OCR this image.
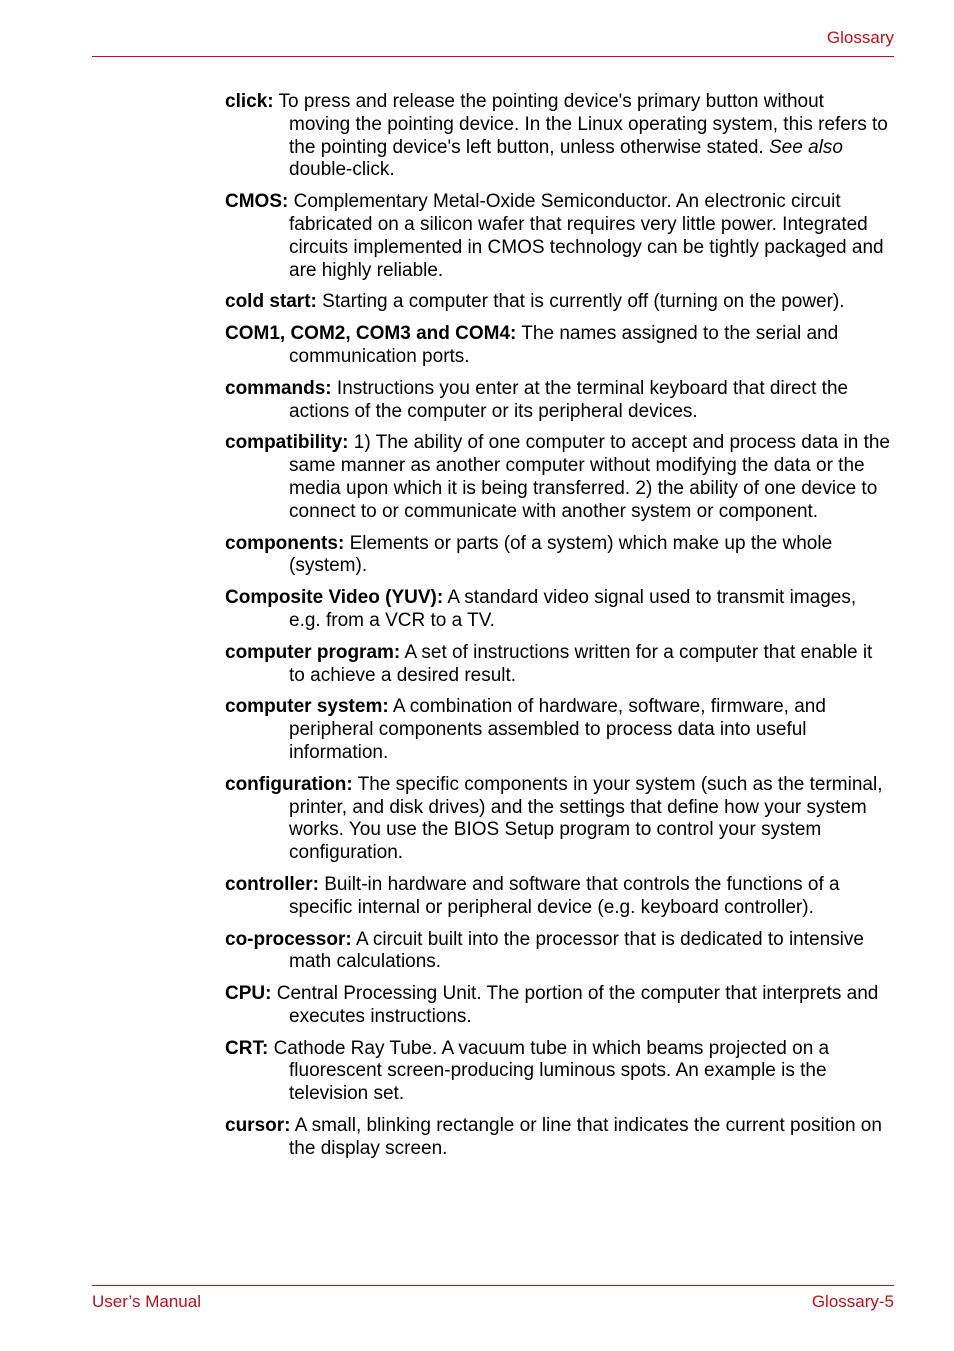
Glossary
click: To press and release the pointing device's primary button without moving the pointing device. In the Linux operating system, this refers to the pointing device's left button, unless otherwise stated. See also double-click.
CMOS: Complementary Metal-Oxide Semiconductor. An electronic circuit fabricated on a silicon wafer that requires very little power. Integrated circuits implemented in CMOS technology can be tightly packaged and are highly reliable.
cold start: Starting a computer that is currently off (turning on the power).
COM1, COM2, COM3 and COM4: The names assigned to the serial and communication ports.
commands: Instructions you enter at the terminal keyboard that direct the actions of the computer or its peripheral devices.
compatibility: 1) The ability of one computer to accept and process data in the same manner as another computer without modifying the data or the media upon which it is being transferred. 2) the ability of one device to connect to or communicate with another system or component.
components: Elements or parts (of a system) which make up the whole (system).
Composite Video (YUV): A standard video signal used to transmit images, e.g. from a VCR to a TV.
computer program: A set of instructions written for a computer that enable it to achieve a desired result.
computer system: A combination of hardware, software, firmware, and peripheral components assembled to process data into useful information.
configuration: The specific components in your system (such as the terminal, printer, and disk drives) and the settings that define how your system works. You use the BIOS Setup program to control your system configuration.
controller: Built-in hardware and software that controls the functions of a specific internal or peripheral device (e.g. keyboard controller).
co-processor: A circuit built into the processor that is dedicated to intensive math calculations.
CPU: Central Processing Unit. The portion of the computer that interprets and executes instructions.
CRT: Cathode Ray Tube. A vacuum tube in which beams projected on a fluorescent screen-producing luminous spots. An example is the television set.
cursor: A small, blinking rectangle or line that indicates the current position on the display screen.
User’s Manual	Glossary-5
